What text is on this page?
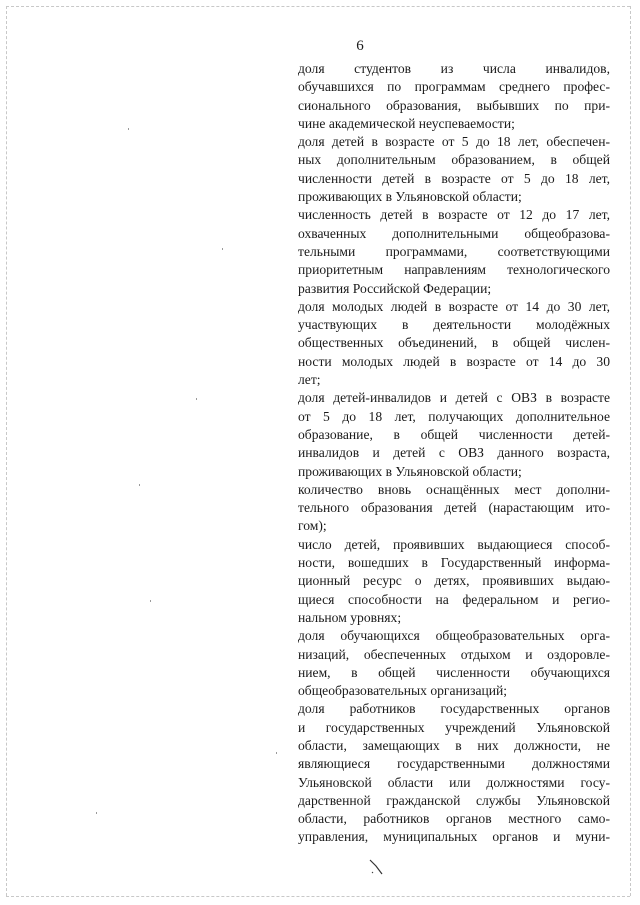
6
доля студентов из числа инвалидов,
обучавшихся по программам среднего профес-
сионального образования, выбывших по при-
чине академической неуспеваемости;
доля детей в возрасте от 5 до 18 лет, обеспечен-
ных дополнительным образованием, в общей
численности детей в возрасте от 5 до 18 лет,
проживающих в Ульяновской области;
численность детей в возрасте от 12 до 17 лет,
охваченных дополнительными общеобразова-
тельными программами, соответствующими
приоритетным направлениям технологического
развития Российской Федерации;
доля молодых людей в возрасте от 14 до 30 лет,
участвующих в деятельности молодёжных
общественных объединений, в общей числен-
ности молодых людей в возрасте от 14 до 30
лет;
доля детей-инвалидов и детей с ОВЗ в возрасте
от 5 до 18 лет, получающих дополнительное
образование, в общей численности детей-
инвалидов и детей с ОВЗ данного возраста,
проживающих в Ульяновской области;
количество вновь оснащённых мест дополни-
тельного образования детей (нарастающим ито-
гом);
число детей, проявивших выдающиеся способ-
ности, вошедших в Государственный информа-
ционный ресурс о детях, проявивших выдаю-
щиеся способности на федеральном и регио-
нальном уровнях;
доля обучающихся общеобразовательных орга-
низаций, обеспеченных отдыхом и оздоровле-
нием, в общей численности обучающихся
общеобразовательных организаций;
доля работников государственных органов
и государственных учреждений Ульяновской
области, замещающих в них должности, не
являющиеся государственными должностями
Ульяновской области или должностями госу-
дарственной гражданской службы Ульяновской
области, работников органов местного само-
управления, муниципальных органов и муни-
